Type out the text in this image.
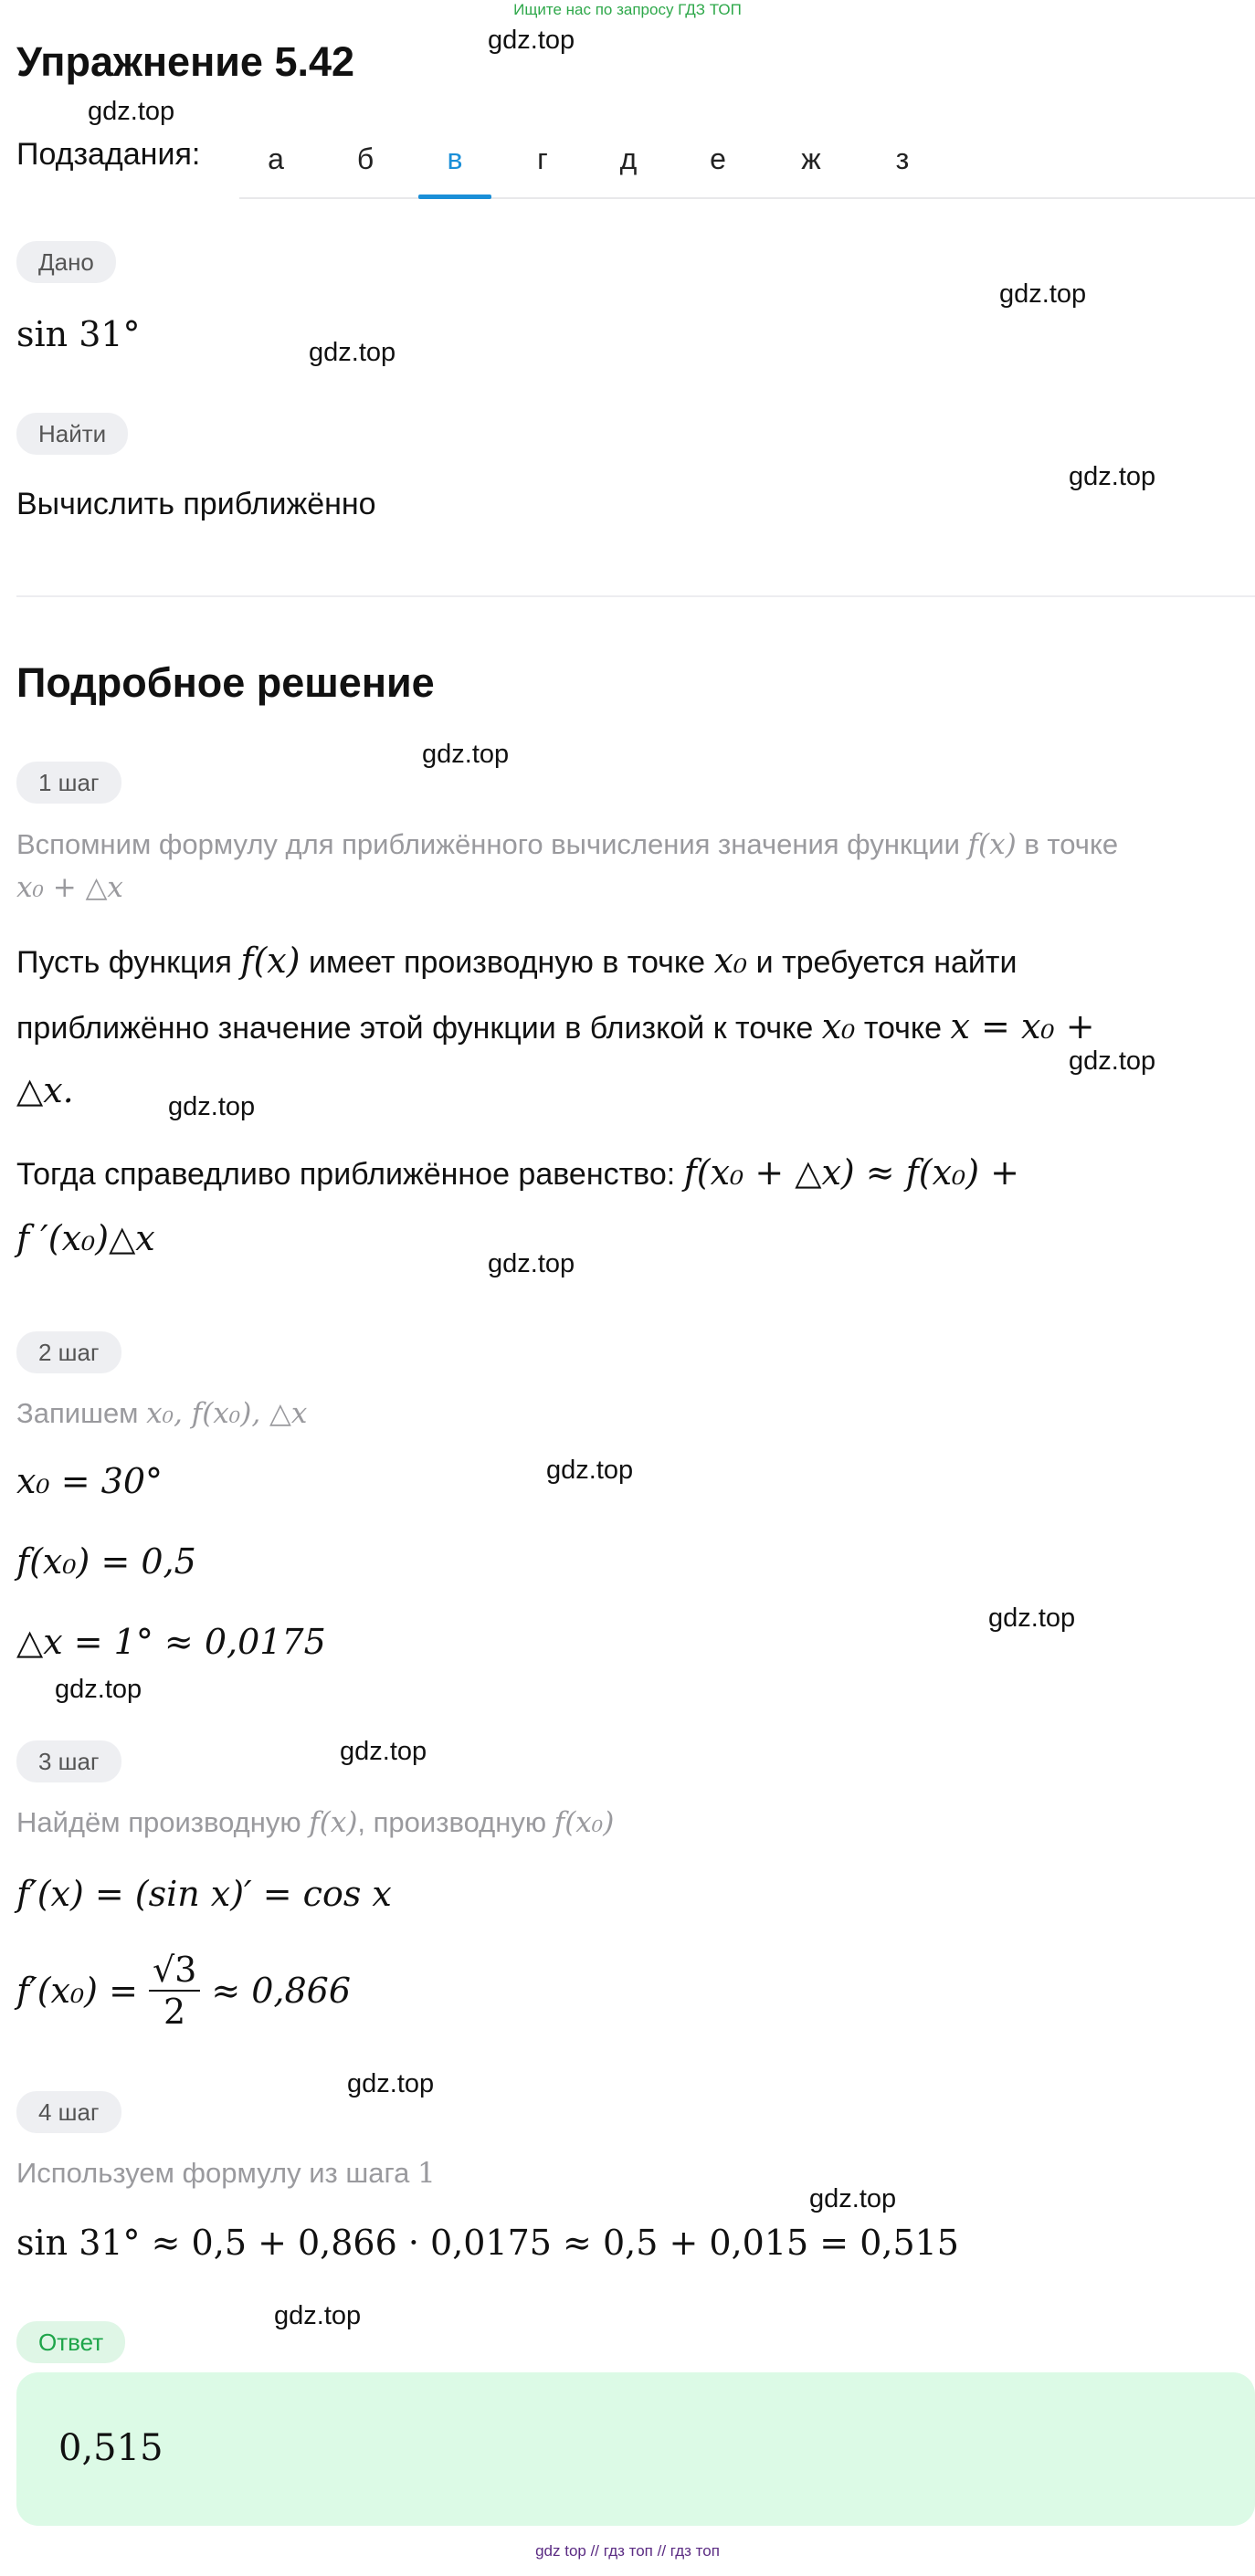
Ищите нас по запросу ГДЗ ТОП
gdz.top
gdz.top
gdz.top
gdz.top
gdz.top
gdz.top
gdz.top
gdz.top
gdz.top
gdz.top
gdz.top
gdz.top
gdz.top
gdz.top
gdz.top
gdz.top
Упражнение 5.42
Подзадания:	а	б	в	г	д	е	ж	з
Дано
sin 31°
Найти
Вычислить приближённо
Подробное решение
1 шаг
Вспомним формулу для приближённого вычисления значения функции f(x) в точке
x₀ + △x
Пусть функция f(x) имеет производную в точке x₀ и требуется найти
приближённо значение этой функции в близкой к точке x₀ точке x = x₀ +
△x.
Тогда справедливо приближённое равенство: f(x₀ + △x) ≈ f(x₀) +
f ′(x₀)△x
2 шаг
Запишем x₀, f(x₀), △x
x₀ = 30°
f(x₀) = 0,5
△x = 1° ≈ 0,0175
3 шаг
Найдём производную f(x), производную f(x₀)
f′(x) = (sin x)′ = cos x
$f'(x_0) = \frac{√3}{2} \approx 0,866$
4 шаг
Используем формулу из шага 1
sin 31° ≈ 0,5 + 0,866 · 0,0175 ≈ 0,5 + 0,015 = 0,515
Ответ
0,515
gdz top // гдз топ // гдз топ
